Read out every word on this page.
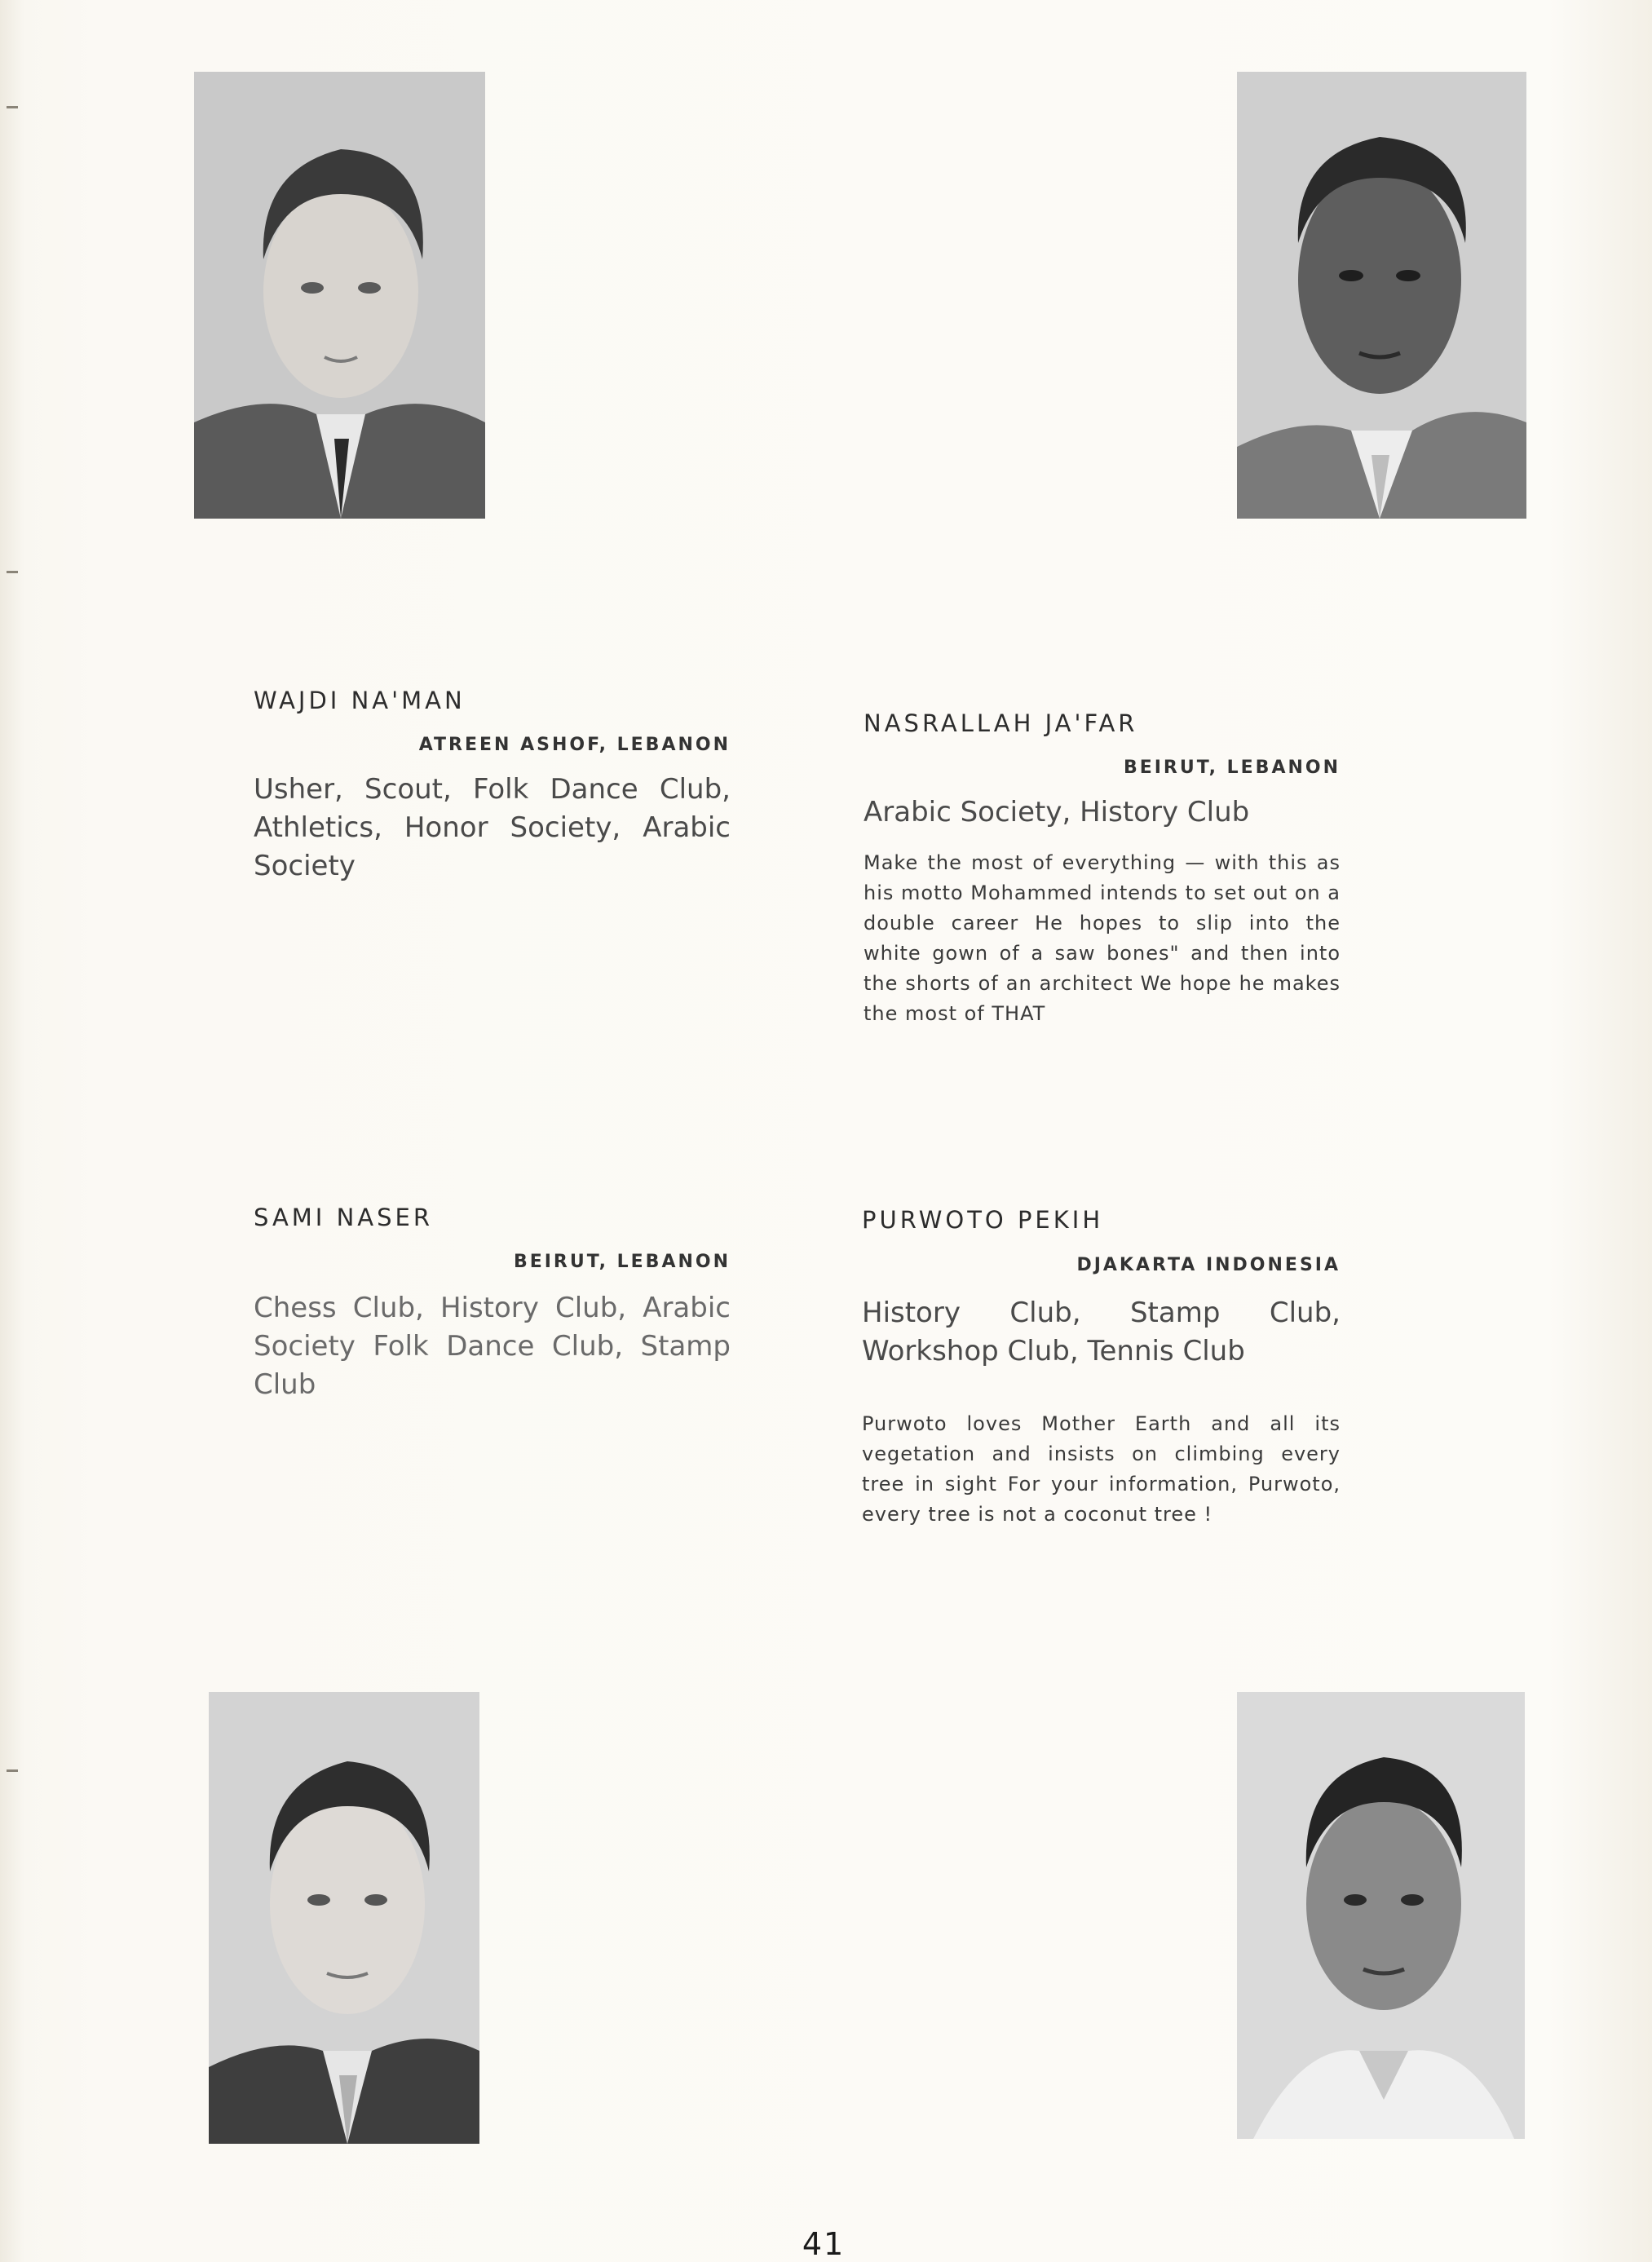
WAJDI NA'MAN
ATREEN ASHOF, LEBANON
Usher, Scout, Folk Dance Club, Athletics, Honor Society, Arabic Society
NASRALLAH JA'FAR
BEIRUT, LEBANON
Arabic Society, History Club
Make the most of everything — with this as his motto Mohammed intends to set out on a double career He hopes to slip into the white gown of a saw bones" and then into the shorts of an architect We hope he makes the most of THAT
SAMI NASER
BEIRUT, LEBANON
Chess Club, History Club, Arabic Society Folk Dance Club, Stamp Club
PURWOTO PEKIH
DJAKARTA INDONESIA
History Club, Stamp Club, Workshop Club, Tennis Club
Purwoto loves Mother Earth and all its vegetation and insists on climbing every tree in sight For your information, Purwoto, every tree is not a coconut tree !
41
